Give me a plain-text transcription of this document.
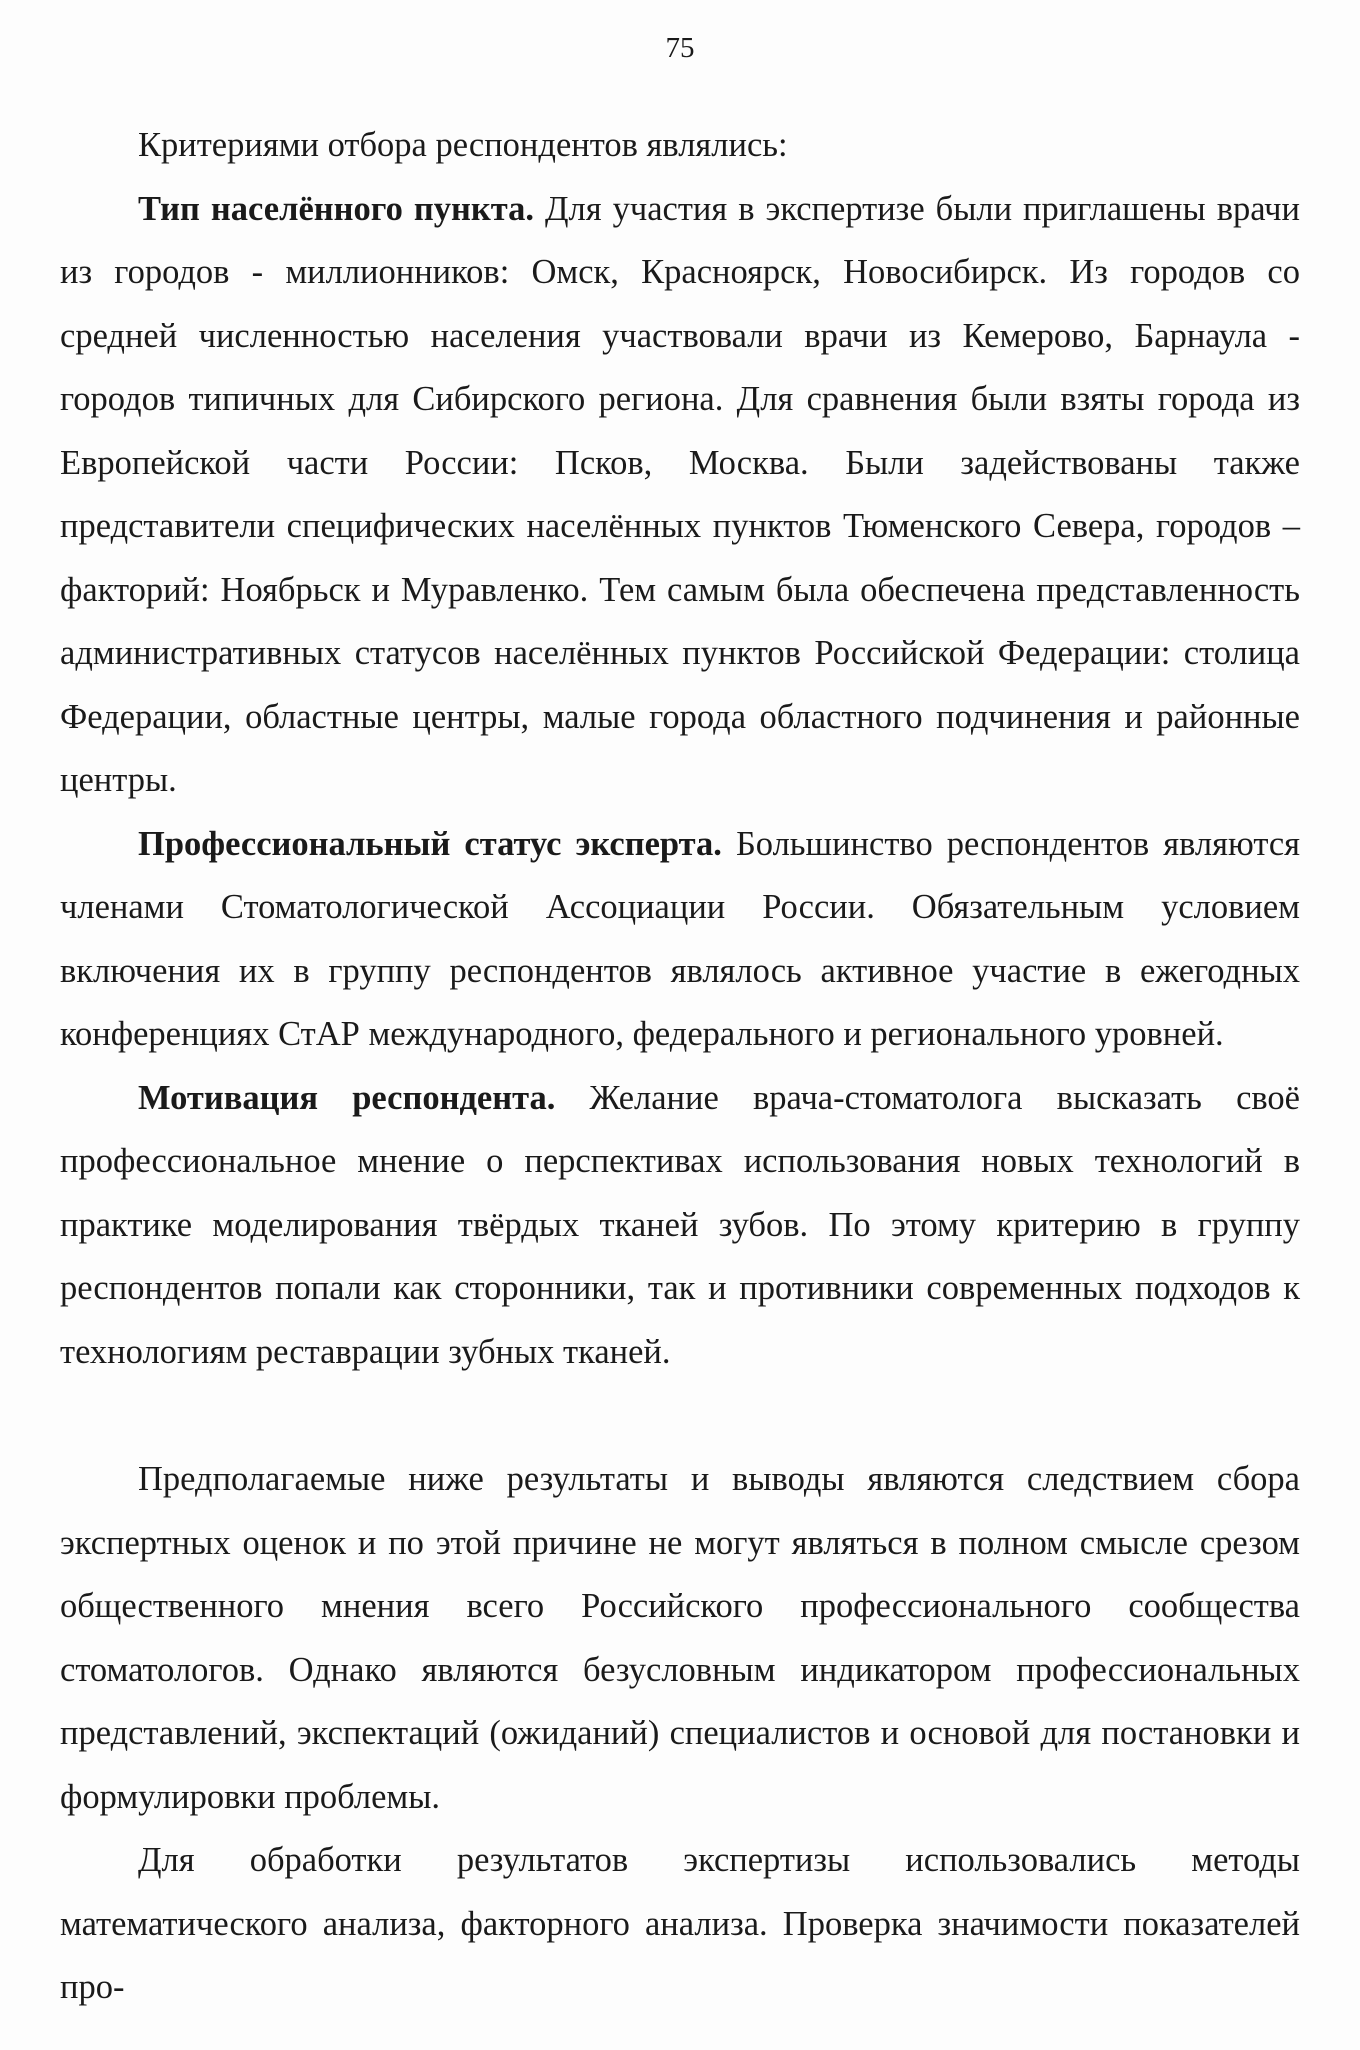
75

Критериями отбора респондентов являлись:

Тип населённого пункта. Для участия в экспертизе были приглашены врачи из городов - миллионников: Омск, Красноярск, Новосибирск. Из городов со средней численностью населения участвовали врачи из Кемерово, Барнаула - городов типичных для Сибирского региона. Для сравнения были взяты города из Европейской части России: Псков, Москва. Были задействованы также представители специфических населённых пунктов Тюменского Севера, городов – факторий: Ноябрьск и Муравленко. Тем самым была обеспечена представленность административных статусов населённых пунктов Российской Федерации: столица Федерации, областные центры, малые города областного подчинения и районные центры.

Профессиональный статус эксперта. Большинство респондентов являются членами Стоматологической Ассоциации России. Обязательным условием включения их в группу респондентов являлось активное участие в ежегодных конференциях СтАР международного, федерального и регионального уровней.

Мотивация респондента. Желание врача-стоматолога высказать своё профессиональное мнение о перспективах использования новых технологий в практике моделирования твёрдых тканей зубов. По этому критерию в группу респондентов попали как сторонники, так и противники современных подходов к технологиям реставрации зубных тканей.

Предполагаемые ниже результаты и выводы являются следствием сбора экспертных оценок и по этой причине не могут являться в полном смысле срезом общественного мнения всего Российского профессионального сообщества стоматологов. Однако являются безусловным индикатором профессиональных представлений, экспектаций (ожиданий) специалистов и основой для постановки и формулировки проблемы.

Для обработки результатов экспертизы использовались методы математического анализа, факторного анализа. Проверка значимости показателей про-
